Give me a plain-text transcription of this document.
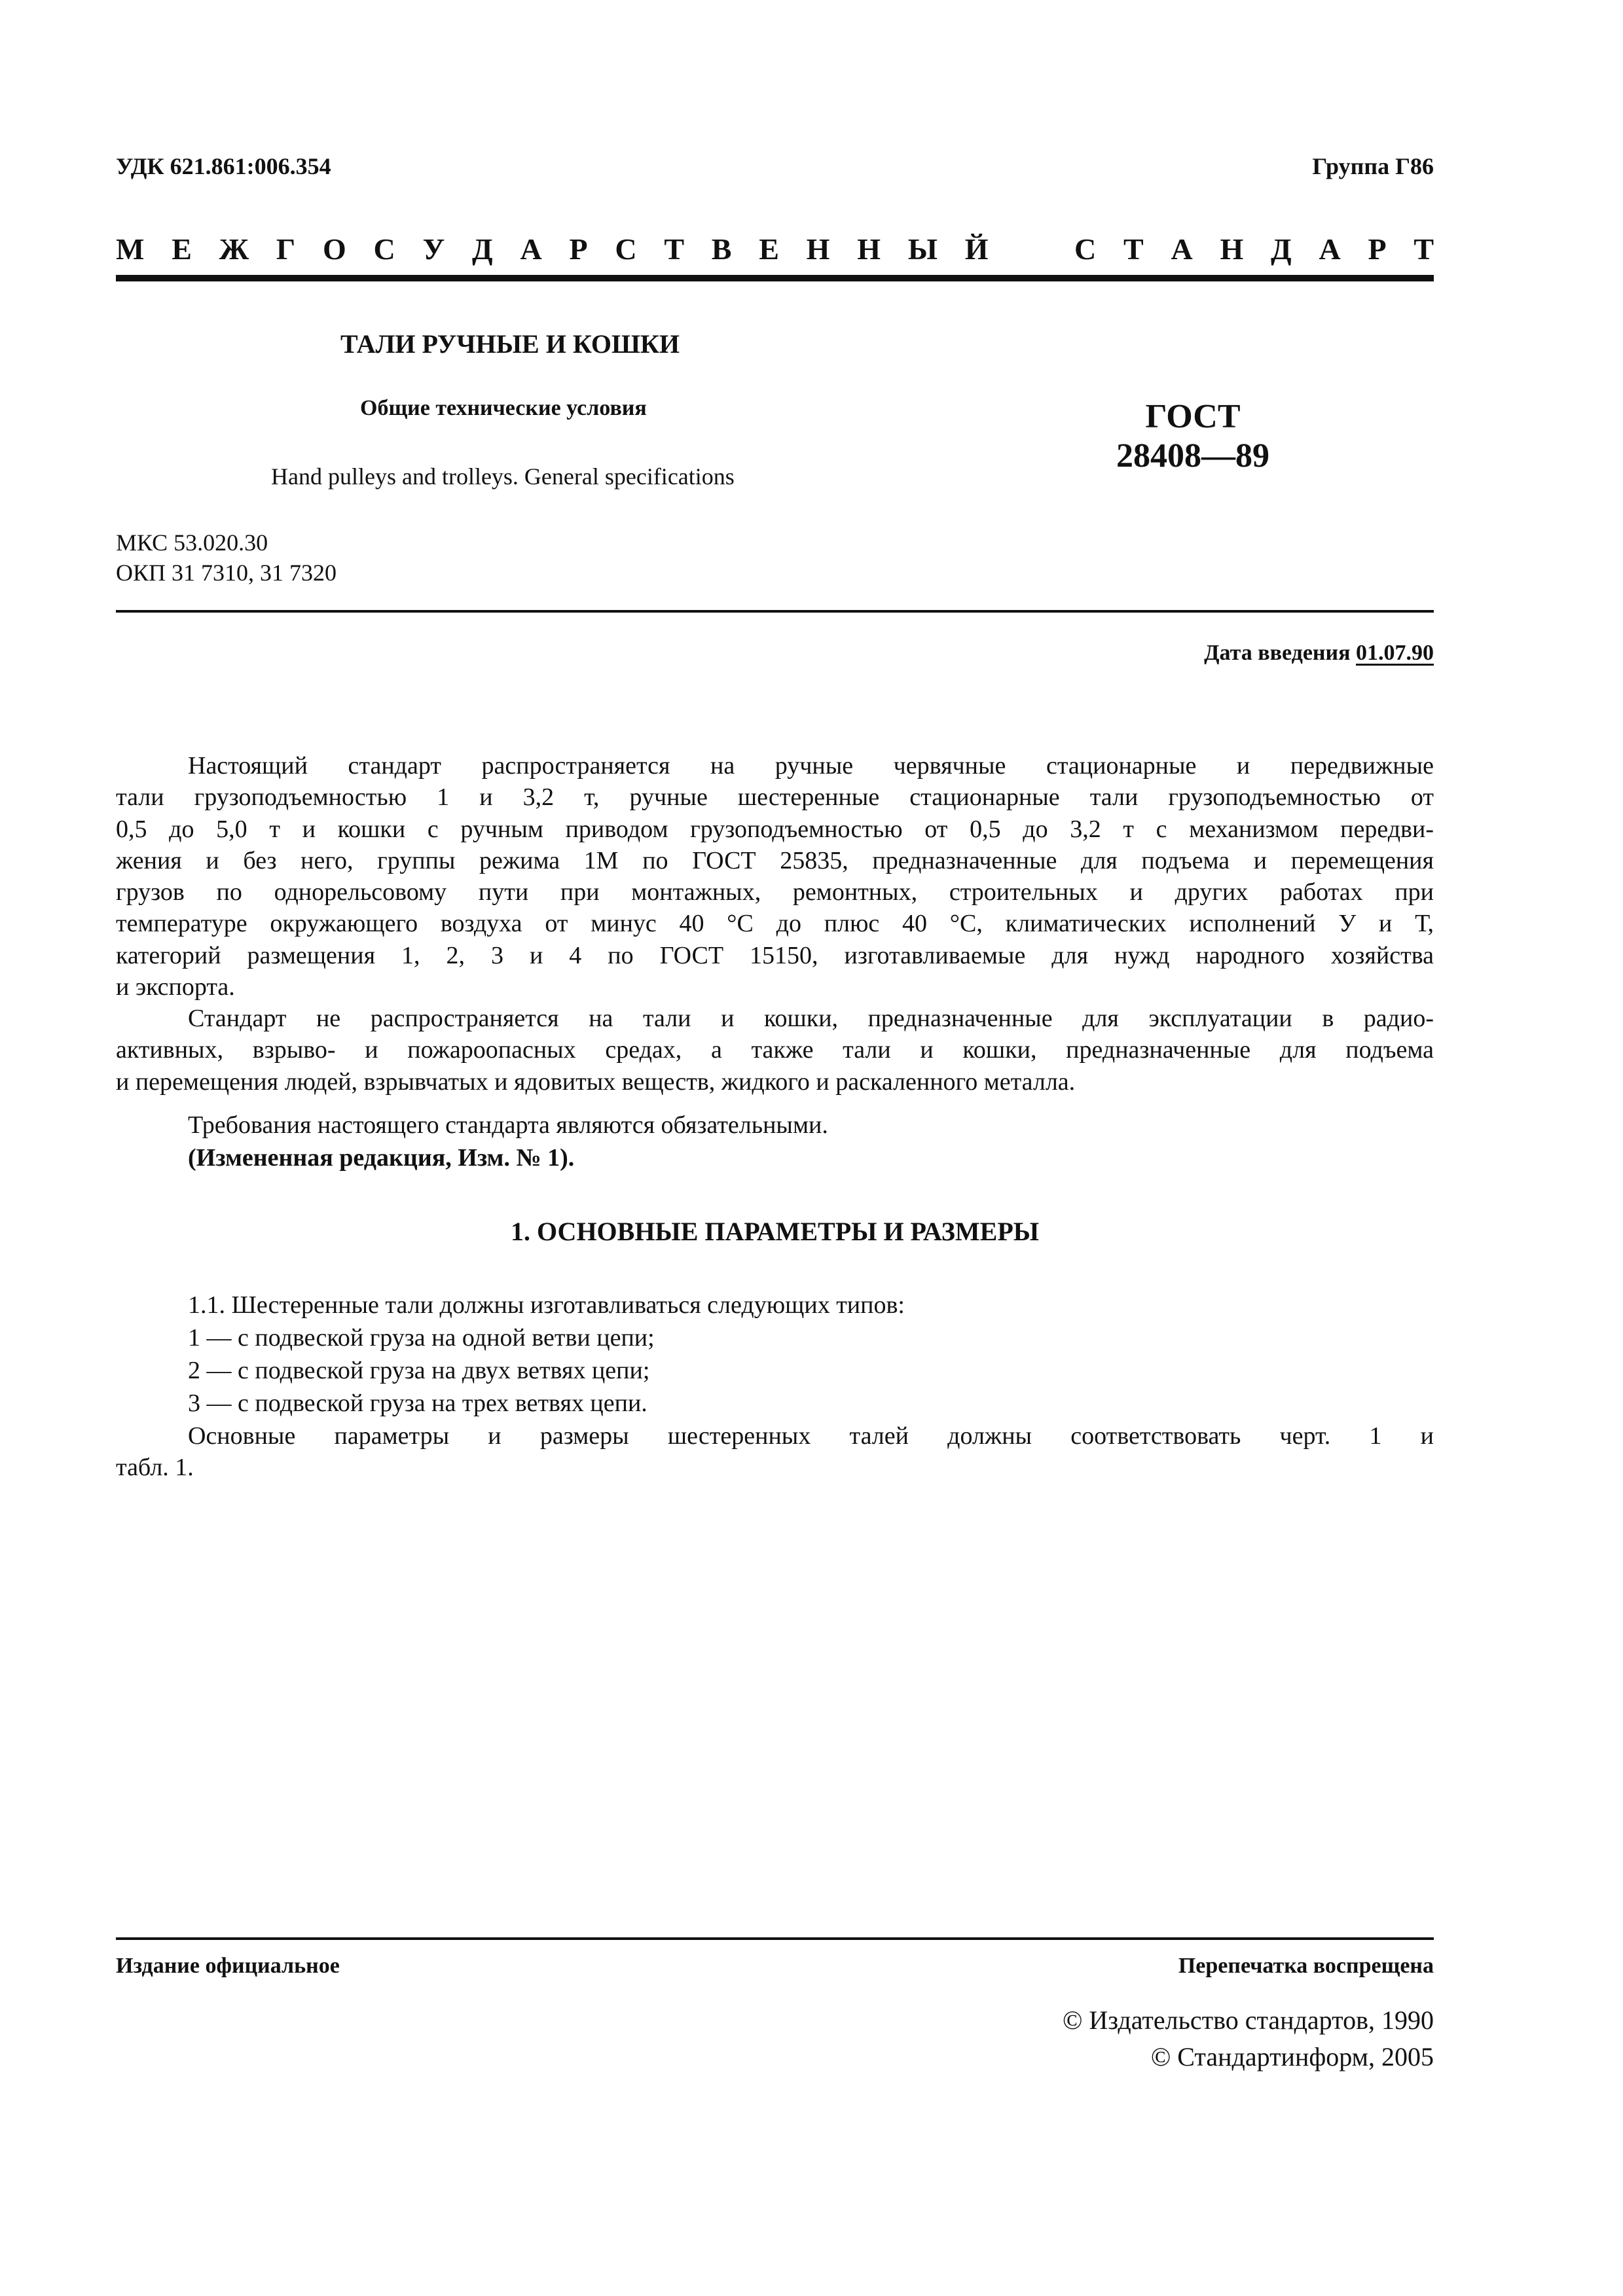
УДК 621.861:006.354	Группа Г86
М Е Ж Г О С У Д А Р С Т В Е Н Н Ы Й	С Т А Н Д А Р Т
ТАЛИ РУЧНЫЕ И КОШКИ
Общие технические условия
Hand pulleys and trolleys. General specifications
ГОСТ
28408—89
МКС 53.020.30
ОКП 31 7310, 31 7320
Дата введения 01.07.90
Настоящий стандарт распространяется на ручные червячные стационарные и передвижные
тали грузоподъемностью 1 и 3,2 т, ручные шестеренные стационарные тали грузоподъемностью от
0,5 до 5,0 т и кошки с ручным приводом грузоподъемностью от 0,5 до 3,2 т с механизмом передви-
жения и без него, группы режима 1М по ГОСТ 25835, предназначенные для подъема и перемещения
грузов по однорельсовому пути при монтажных, ремонтных, строительных и других работах при
температуре окружающего воздуха от минус 40 °С до плюс 40 °С, климатических исполнений У и Т,
категорий размещения 1, 2, 3 и 4 по ГОСТ 15150, изготавливаемые для нужд народного хозяйства
и экспорта.
Стандарт не распространяется на тали и кошки, предназначенные для эксплуатации в радио-
активных, взрыво- и пожароопасных средах, а также тали и кошки, предназначенные для подъема
и перемещения людей, взрывчатых и ядовитых веществ, жидкого и раскаленного металла.
Требования настоящего стандарта являются обязательными.
(Измененная редакция, Изм. № 1).
1. ОСНОВНЫЕ ПАРАМЕТРЫ И РАЗМЕРЫ
1.1. Шестеренные тали должны изготавливаться следующих типов:
1 — с подвеской груза на одной ветви цепи;
2 — с подвеской груза на двух ветвях цепи;
3 — с подвеской груза на трех ветвях цепи.
Основные параметры и размеры шестеренных талей должны соответствовать черт. 1 и
табл. 1.
Издание официальное	Перепечатка воспрещена
© Издательство стандартов, 1990
© Стандартинформ, 2005
